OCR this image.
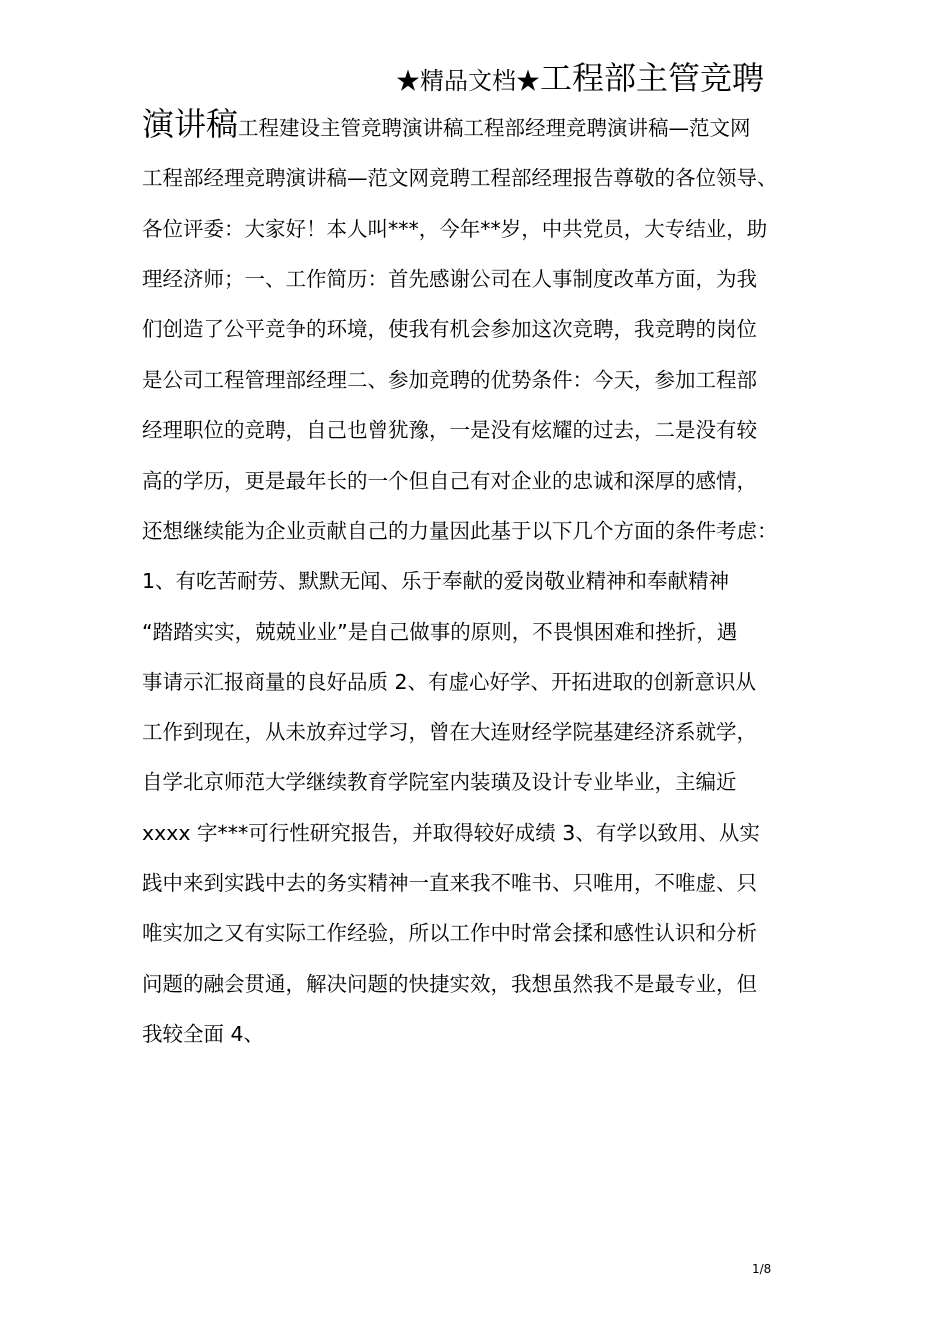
★精品文档★工程部主管竞聘
演讲稿工程建设主管竞聘演讲稿工程部经理竞聘演讲稿—范文网
工程部经理竞聘演讲稿—范文网竞聘工程部经理报告尊敬的各位领导、
各位评委：大家好！本人叫***，今年**岁，中共党员，大专结业，助
理经济师；一、工作简历：首先感谢公司在人事制度改革方面，为我
们创造了公平竞争的环境，使我有机会参加这次竞聘，我竞聘的岗位
是公司工程管理部经理二、参加竞聘的优势条件：今天，参加工程部
经理职位的竞聘，自己也曾犹豫，一是没有炫耀的过去，二是没有较
高的学历，更是最年长的一个但自己有对企业的忠诚和深厚的感情，
还想继续能为企业贡献自己的力量因此基于以下几个方面的条件考虑：
1、有吃苦耐劳、默默无闻、乐于奉献的爱岗敬业精神和奉献精神
“踏踏实实，兢兢业业”是自己做事的原则，不畏惧困难和挫折，遇
事请示汇报商量的良好品质 2、有虚心好学、开拓进取的创新意识从
工作到现在，从未放弃过学习，曾在大连财经学院基建经济系就学，
自学北京师范大学继续教育学院室内装璜及设计专业毕业，主编近
xxxx 字***可行性研究报告，并取得较好成绩 3、有学以致用、从实
践中来到实践中去的务实精神一直来我不唯书、只唯用，不唯虚、只
唯实加之又有实际工作经验，所以工作中时常会揉和感性认识和分析
问题的融会贯通，解决问题的快捷实效，我想虽然我不是最专业，但
我较全面 4、
1/8
